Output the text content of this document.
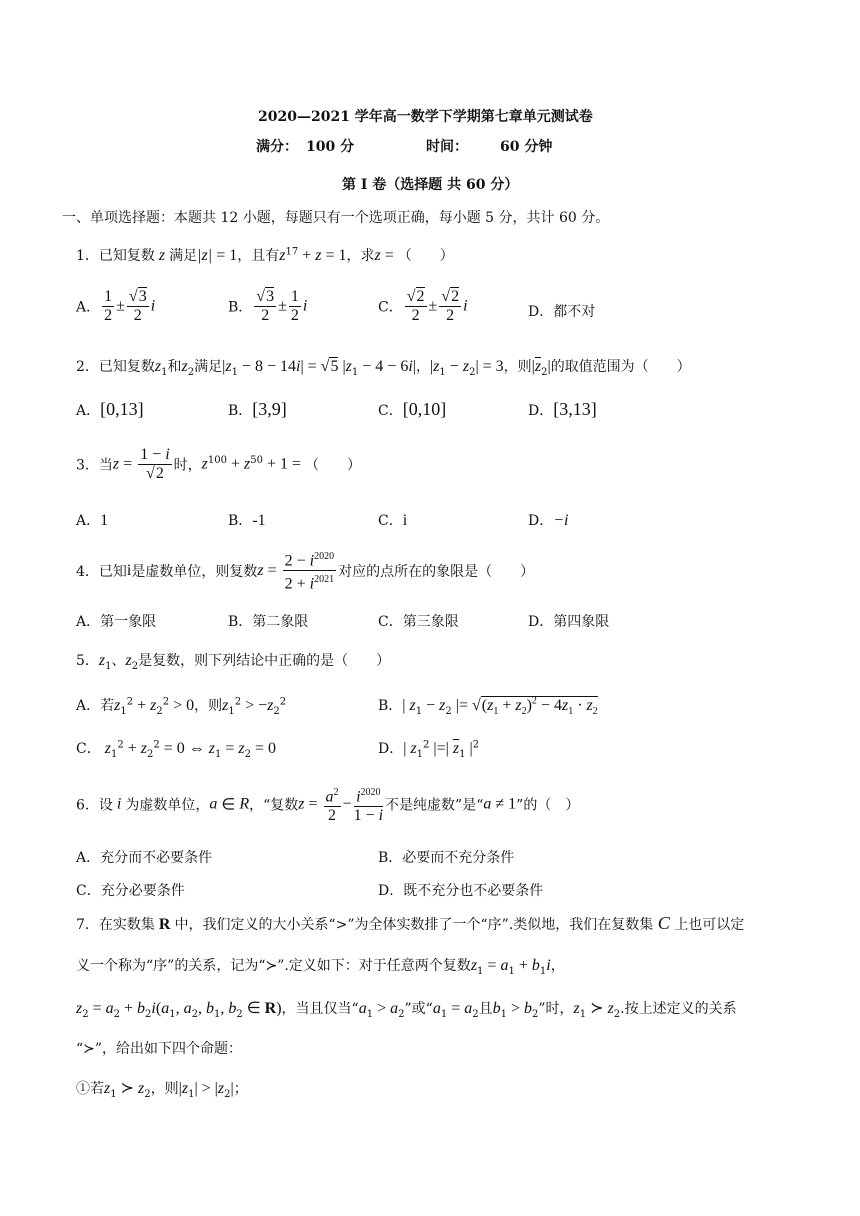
2020—2021 学年高一数学下学期第七章单元测试卷
满分： 100 分	时间： 60 分钟
第 I 卷（选择题 共 60 分）
一、单项选择题：本题共 12 小题，每题只有一个选项正确，每小题 5 分，共计 60 分。
1．已知复数 z 满足|z| = 1，且有$z^{17} + z = 1$，求z = （　　）
A． $\frac{1}{2} \pm \frac{√3}{2}$ i	B． $\frac{√3}{2} \pm \frac{1}{2}$ i	C． $\frac{√2}{2} \pm \frac{√2}{2}$ i	D．都不对
2．已知复数$z_1$和$z_2$满足$|z_1 - 8 - 14i| = √5$ $|z_1 - 4 - 6i|$，$|z_1 - z_2| = 3$，则$|\overline{z}_2|$的取值范围为（　　）
A．[0,13]	B．[3,9]	C．[0,10]	D．[3,13]
3．当$z = \frac{1 - i}{√2}$ 时，$z^{100} + z^{50} + 1$ = （　　）
A．1	B．-1	C．i	D．−i
4．已知i是虚数单位，则复数$z = \frac{2 - i^{2020}}{2 + i^{2021}}$ 对应的点所在的象限是（　　）
A．第一象限	B．第二象限	C．第三象限	D．第四象限
5．$z_1$、$z_2$是复数，则下列结论中正确的是（　　）
A．若$z_1^2 + z_2^2 > 0$，则$z_1^2 > -z_2^2$	B．| $z_1 - z_2$ |= $√(z_1 + z_2)^2 - 4z_1 \cdot z_2$
C． $z_1^2 + z_2^2 = 0$ ⇔ $z_1 = z_2 = 0$	D．| $z_1^2$ |=| $\overline{z}_1$ $|^2$
6．设 i 为虚数单位，a ∈ R，“复数$z = \frac{a^2}{2} - \frac{i^{2020}}{1 - i}$ 不是纯虚数”是“a ≠ 1”的（　）
A．充分而不必要条件	B．必要而不充分条件
C．充分必要条件	D．既不充分也不必要条件
7．在实数集 R 中，我们定义的大小关系“>”为全体实数排了一个“序”.类似地，我们在复数集 C 上也可以定
义一个称为“序”的关系，记为“≻”.定义如下：对于任意两个复数$z_1 = a_1 + b_1i$，
$z_2 = a_2 + b_2i(a_1$, $a_2$, $b_1$, $b_2$ ∈ R)，当且仅当“$a_1 > a_2$”或“$a_1 = a_2$且$b_1 > b_2$”时，$z_1$ ≻ $z_2$.按上述定义的关系
“≻”，给出如下四个命题：
①若$z_1$ ≻ $z_2$，则$|z_1| > |z_2|$；
